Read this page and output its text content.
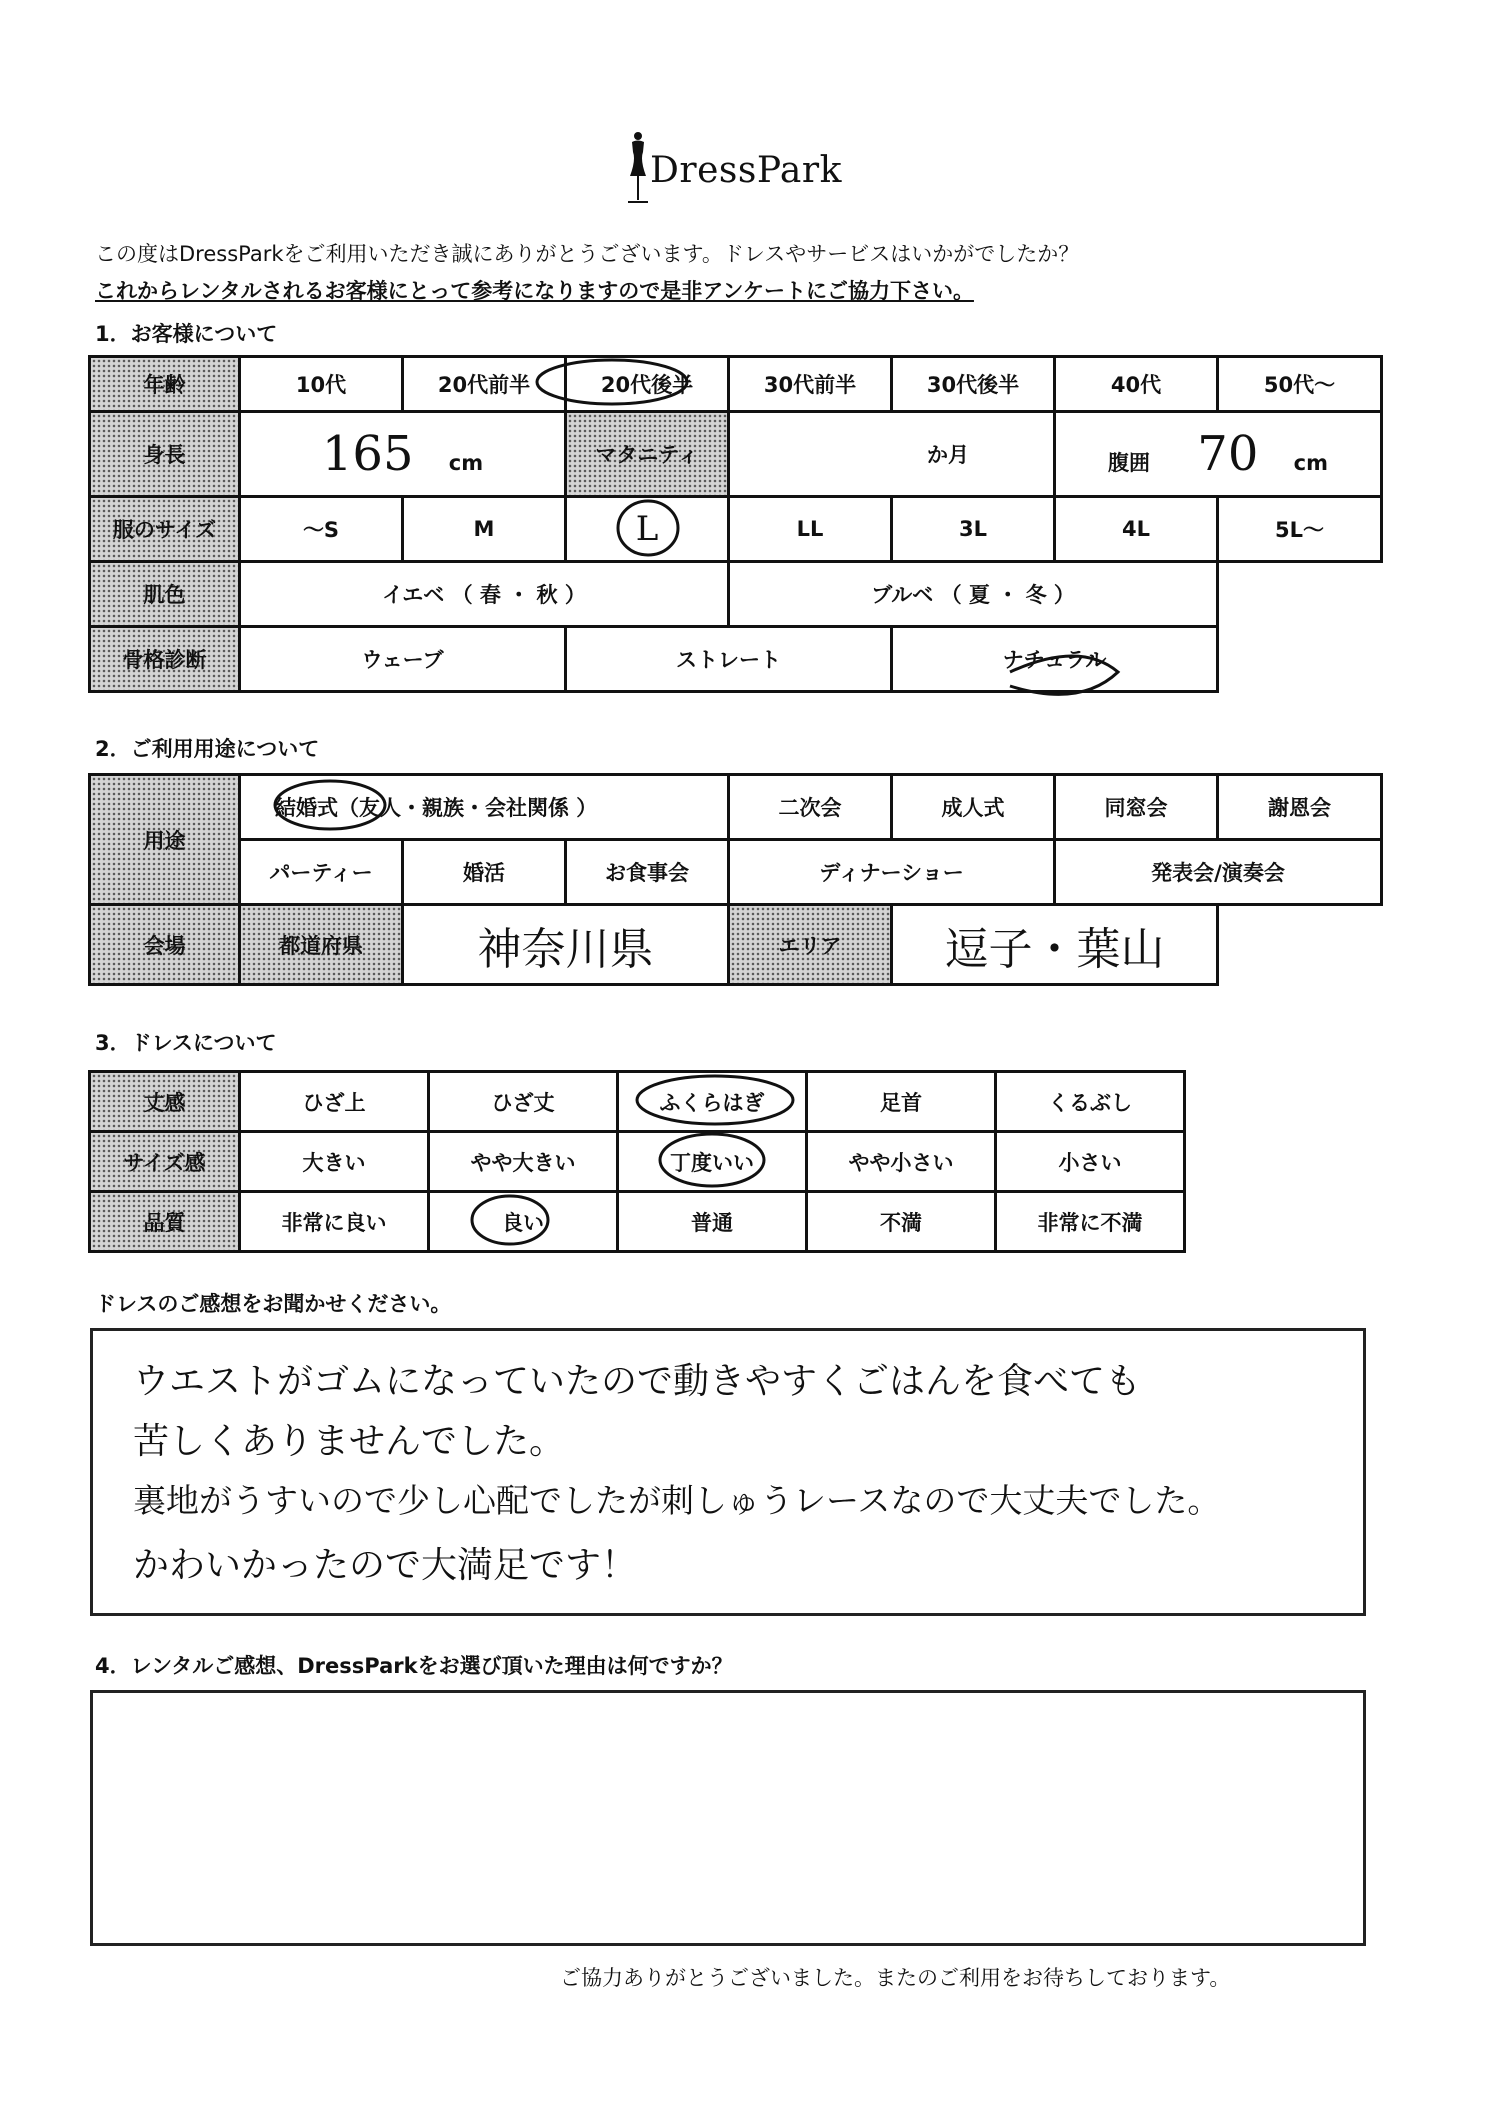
DressPark
この度はDressParkをご利用いただき誠にありがとうございます。ドレスやサービスはいかがでしたか？
これからレンタルされるお客様にとって参考になりますので是非アンケートにご協力下さい。
1．お客様について
年齢	10代	20代前半	20代後半	30代前半	30代後半	40代	50代～
身長	165 cm		マタニティ	か月		腹囲 70 cm	
服のサイズ	～S	M	L	LL	3L	4L	5L～
肌色	イエベ （ 春 ・ 秋 ）			ブルベ （ 夏 ・ 冬 ）			
骨格診断	ウェーブ		ストレート		ナチュラル		
2．ご利用用途について
用途	結婚式（友人・親族・会社関係 ）			二次会	成人式	同窓会	謝恩会
	パーティー	婚活	お食事会	ディナーショー		発表会/演奏会	
会場	都道府県	神奈川県		エリア	逗子・葉山		
3．ドレスについて
丈感	ひざ上	ひざ丈	ふくらはぎ	足首	くるぶし
サイズ感	大きい	やや大きい	丁度いい	やや小さい	小さい
品質	非常に良い	良い	普通	不満	非常に不満
ドレスのご感想をお聞かせください。
ウエストがゴムになっていたので動きやすくごはんを食べても
苦しくありませんでした。
裏地がうすいので少し心配でしたが刺しゅうレースなので大丈夫でした。
かわいかったので大満足です！
4．レンタルご感想、DressParkをお選び頂いた理由は何ですか？
ご協力ありがとうございました。またのご利用をお待ちしております。
